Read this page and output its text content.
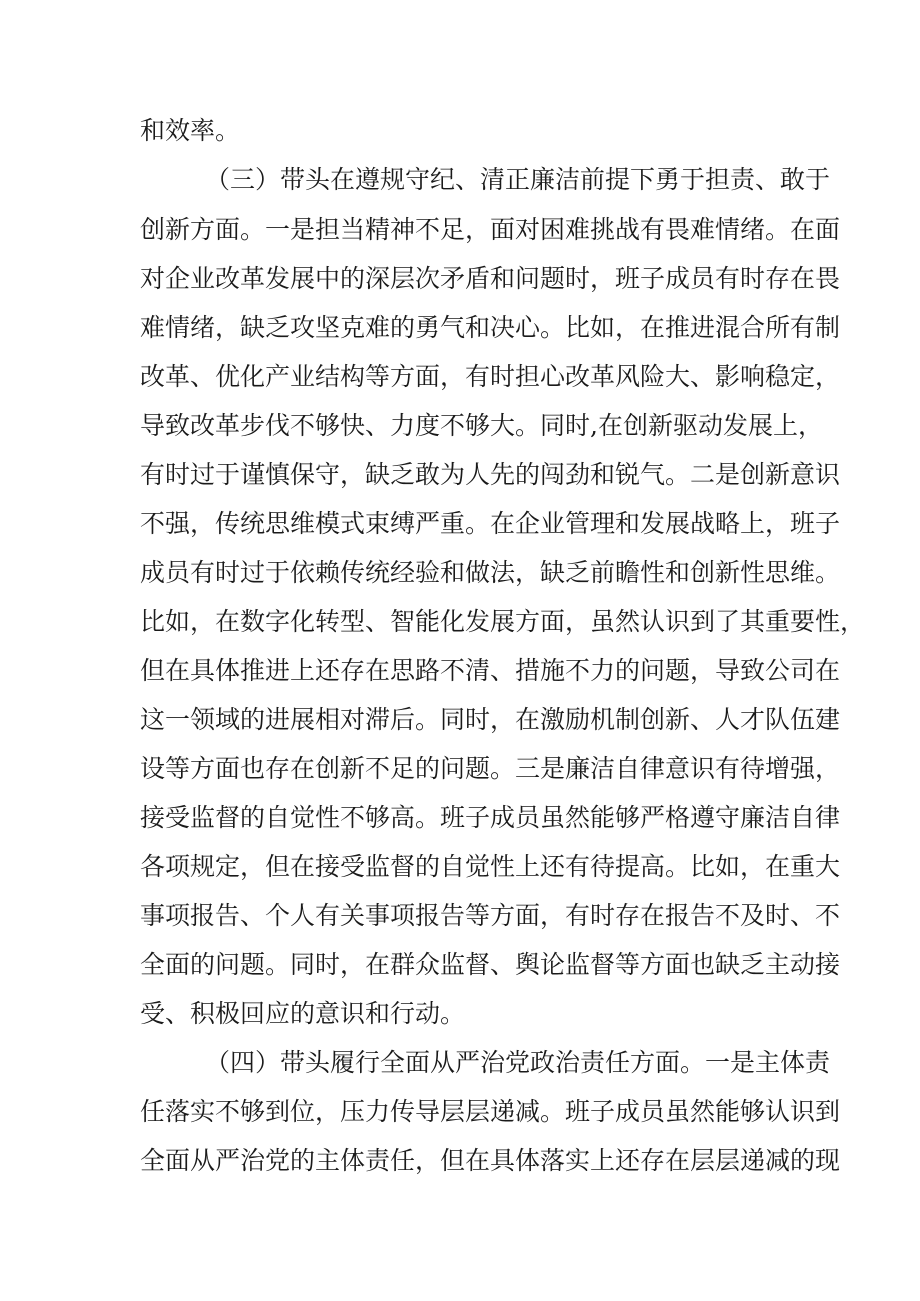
和效率。
（三）带头在遵规守纪、清正廉洁前提下勇于担责、敢于
创新方面。一是担当精神不足，面对困难挑战有畏难情绪。在面
对企业改革发展中的深层次矛盾和问题时，班子成员有时存在畏
难情绪，缺乏攻坚克难的勇气和决心。比如，在推进混合所有制
改革、优化产业结构等方面，有时担心改革风险大、影响稳定，
导致改革步伐不够快、力度不够大。同时,在创新驱动发展上，
有时过于谨慎保守，缺乏敢为人先的闯劲和锐气。二是创新意识
不强，传统思维模式束缚严重。在企业管理和发展战略上，班子
成员有时过于依赖传统经验和做法，缺乏前瞻性和创新性思维。
比如，在数字化转型、智能化发展方面，虽然认识到了其重要性，
但在具体推进上还存在思路不清、措施不力的问题，导致公司在
这一领域的进展相对滞后。同时，在激励机制创新、人才队伍建
设等方面也存在创新不足的问题。三是廉洁自律意识有待增强，
接受监督的自觉性不够高。班子成员虽然能够严格遵守廉洁自律
各项规定，但在接受监督的自觉性上还有待提高。比如，在重大
事项报告、个人有关事项报告等方面，有时存在报告不及时、不
全面的问题。同时，在群众监督、舆论监督等方面也缺乏主动接
受、积极回应的意识和行动。
（四）带头履行全面从严治党政治责任方面。一是主体责
任落实不够到位，压力传导层层递减。班子成员虽然能够认识到
全面从严治党的主体责任，但在具体落实上还存在层层递减的现
